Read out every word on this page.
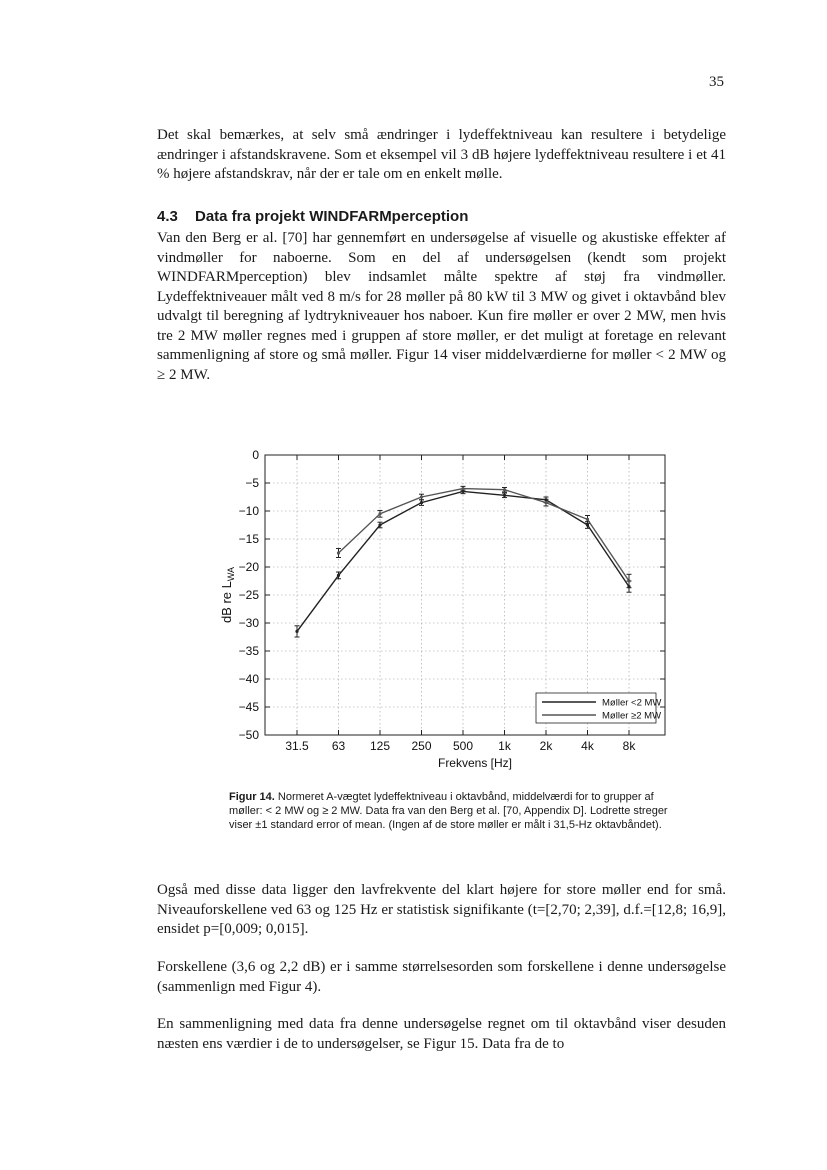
35

Det skal bemærkes, at selv små ændringer i lydeffektniveau kan resultere i betydelige ændringer i afstandskravene. Som et eksempel vil 3 dB højere lydeffektniveau resultere i et 41 % højere afstandskrav, når der er tale om en enkelt mølle.

4.3 Data fra projekt WINDFARMperception

Van den Berg er al. [70] har gennemført en undersøgelse af visuelle og akustiske effekter af vindmøller for naboerne. Som en del af undersøgelsen (kendt som projekt WINDFARMperception) blev indsamlet målte spektre af støj fra vindmøller. Lydeffektniveauer målt ved 8 m/s for 28 møller på 80 kW til 3 MW og givet i oktavbånd blev udvalgt til beregning af lydtrykniveauer hos naboer. Kun fire møller er over 2 MW, men hvis tre 2 MW møller regnes med i gruppen af store møller, er det muligt at foretage en relevant sammenligning af store og små møller. Figur 14 viser middelværdierne for møller < 2 MW og ≥ 2 MW.

0
−5
−10
−15
−20
−25
−30
−35
−40
−45
−50
31.5 63 125 250 500 1k 2k 4k 8k
Frekvens [Hz]
dB re $L_{WA}$
Møller <2 MW
Møller ≥2 MW

Figur 14. Normeret A-vægtet lydeffektniveau i oktavbånd, middelværdi for to grupper af møller: < 2 MW og ≥ 2 MW. Data fra van den Berg et al. [70, Appendix D]. Lodrette streger viser ±1 standard error of mean. (Ingen af de store møller er målt i 31,5-Hz oktavbåndet).

Også med disse data ligger den lavfrekvente del klart højere for store møller end for små. Niveauforskellene ved 63 og 125 Hz er statistisk signifikante (t=[2,70; 2,39], d.f.=[12,8; 16,9], ensidet p=[0,009; 0,015].

Forskellene (3,6 og 2,2 dB) er i samme størrelsesorden som forskellene i denne undersøgelse (sammenlign med Figur 4).

En sammenligning med data fra denne undersøgelse regnet om til oktavbånd viser desuden næsten ens værdier i de to undersøgelser, se Figur 15. Data fra de to
